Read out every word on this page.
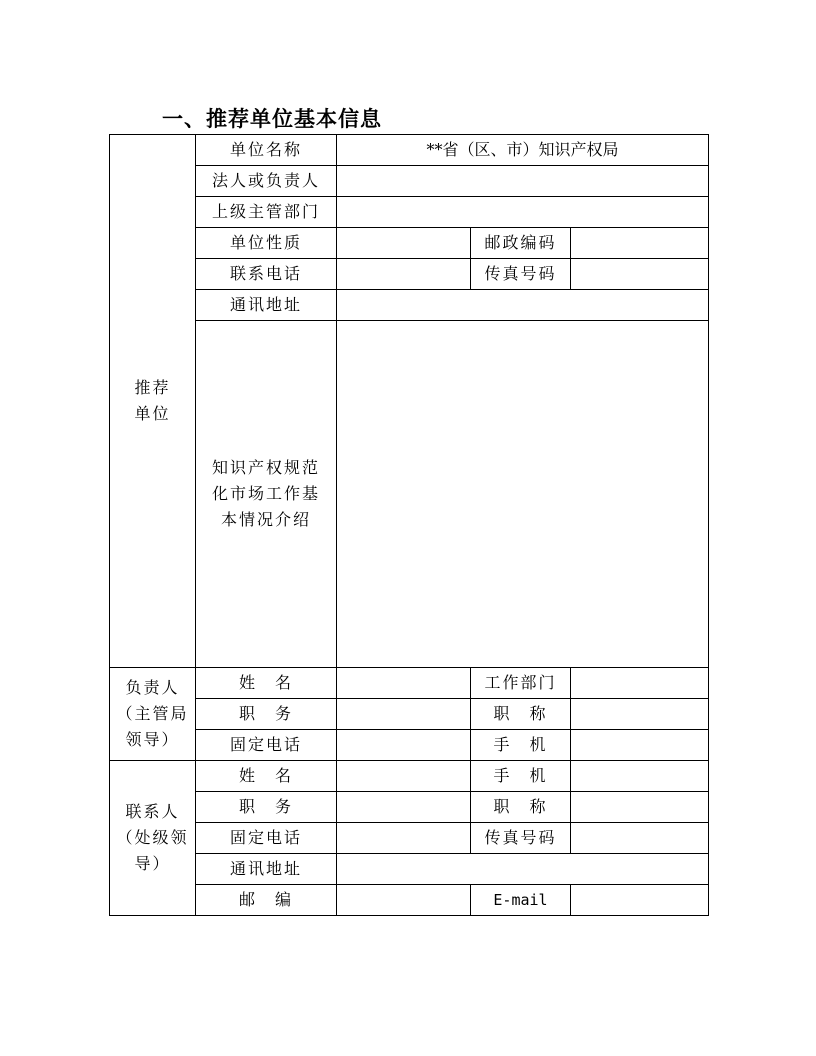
一、推荐单位基本信息
推荐单位	单位名称	**省（区、市）知识产权局		
	法人或负责人			
	上级主管部门			
	单位性质		邮政编码	
	联系电话		传真号码	
	通讯地址			

	知识产权规范化市场工作基本情况介绍			

负责人（主管局领导）	姓　名		工作部门	
	职　务		职　称	
	固定电话		手　机	

联系人（处级领导）	姓　名		手　机	
	职　务		职　称	
	固定电话		传真号码	
	通讯地址			
	邮　编		E-mail	
